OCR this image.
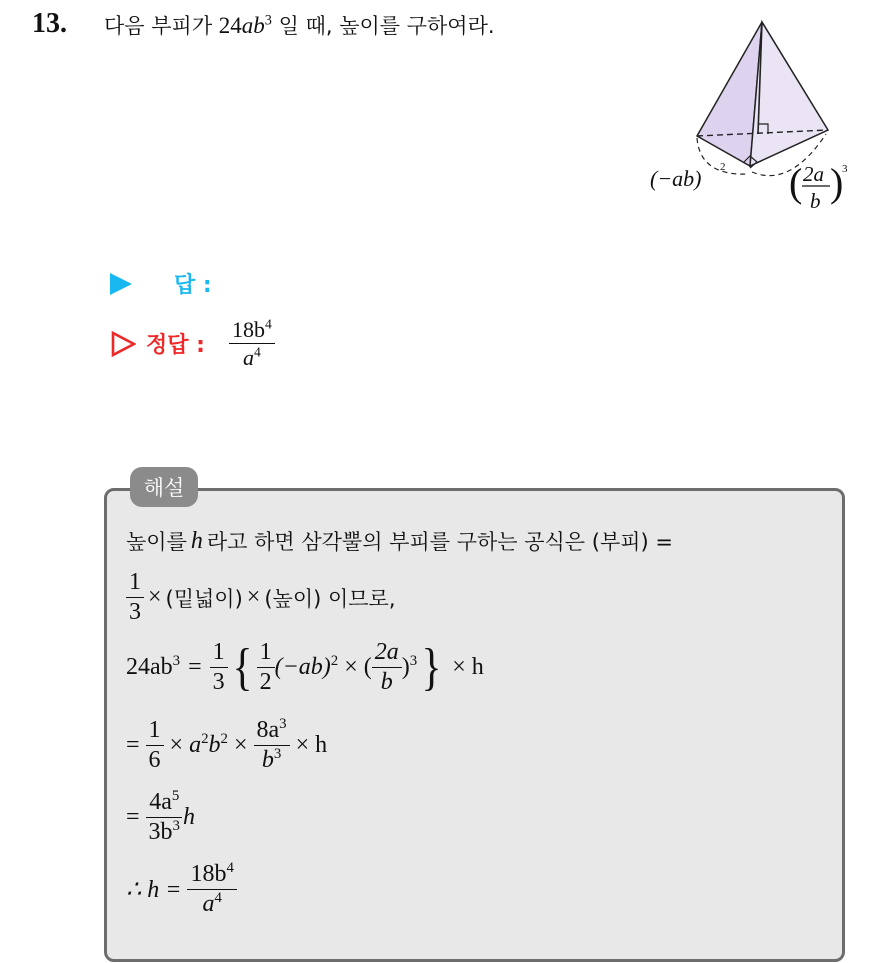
13. 다음 부피가 $24ab^3$ 일 때, 높이를 구하여라.
(−ab) 2 ( 2a
b )
3
답 :
정답 : $\frac{18b^4}{a^4}$
해설
높이를 h 라고 하면 삼각뿔의 부피를 구하는 공식은 (부피) =
$\frac{1}{3}$ × (밑넓이) × (높이) 이므로,
$24ab^3 = \frac{1}{3}$ { $\frac{1}{2} (-ab)^2$ × ( $\frac{2a}{b} )^3$ } × h
= $\frac{1}{6} \times a^2$ $b^2 \times \frac{8a^3}{b^3} \times h$
= $\frac{4a^5}{3b^3}$ h
∴ $h = \frac{18b^4}{a^4}$
